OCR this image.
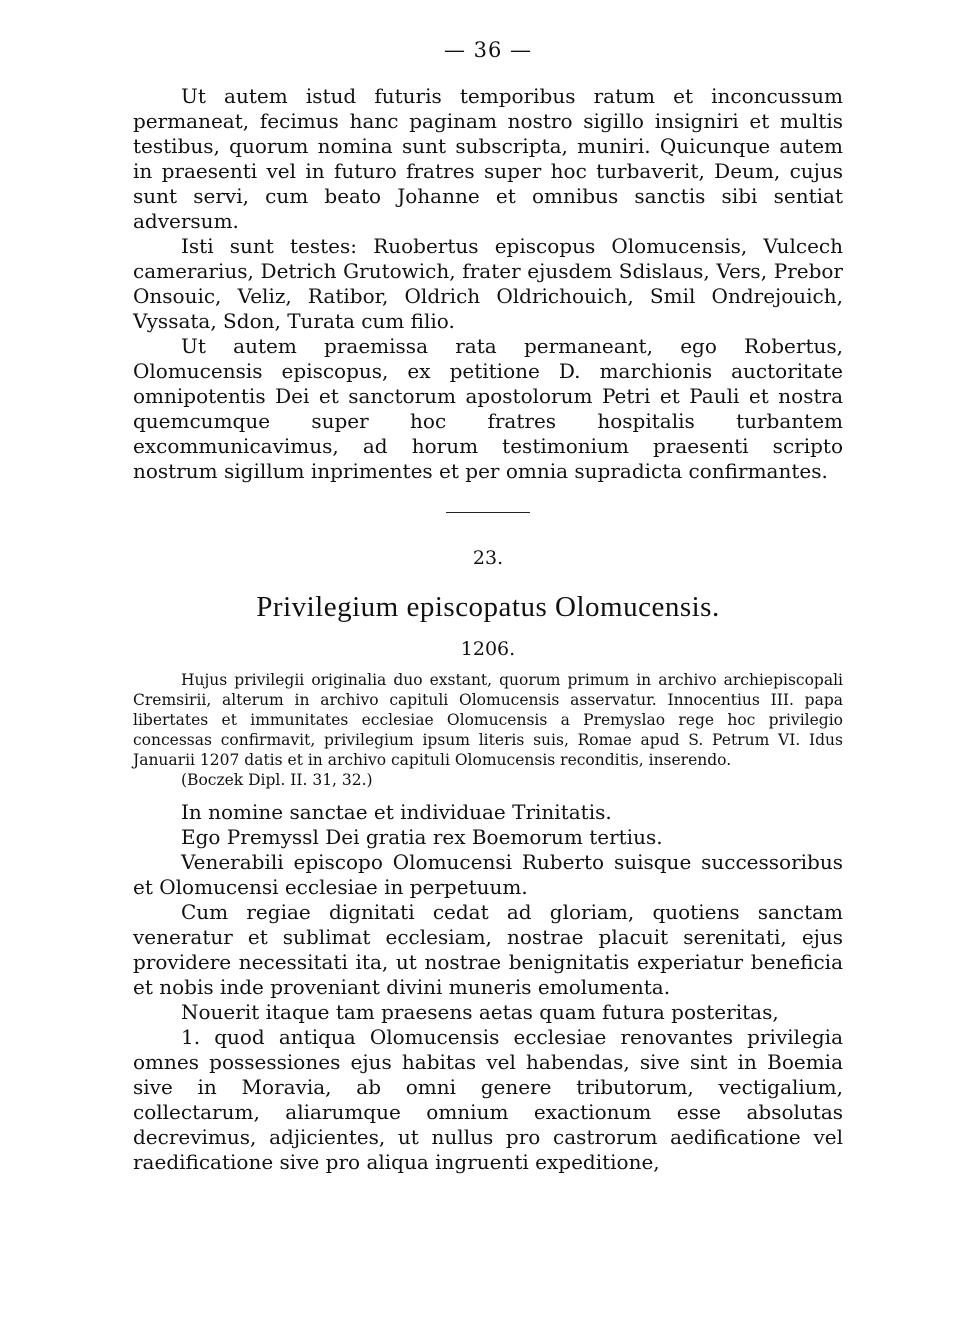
— 36 —

Ut autem istud futuris temporibus ratum et inconcussum permaneat, fecimus hanc paginam nostro sigillo insigniri et multis testibus, quorum nomina sunt subscripta, muniri. Quicunque autem in praesenti vel in futuro fratres super hoc turbaverit, Deum, cujus sunt servi, cum beato Johanne et omnibus sanctis sibi sentiat adversum.

Isti sunt testes: Ruobertus episcopus Olomucensis, Vulcech camerarius, Detrich Grutowich, frater ejusdem Sdislaus, Vers, Prebor Onsouic, Veliz, Ratibor, Oldrich Oldrichouich, Smil Ondrejouich, Vyssata, Sdon, Turata cum filio.

Ut autem praemissa rata permaneant, ego Robertus, Olomucensis episcopus, ex petitione D. marchionis auctoritate omnipotentis Dei et sanctorum apostolorum Petri et Pauli et nostra quemcumque super hoc fratres hospitalis turbantem excommunicavimus, ad horum testimonium praesenti scripto nostrum sigillum inprimentes et per omnia supradicta confirmantes.

23.
Privilegium episcopatus Olomucensis.
1206.

Hujus privilegii originalia duo exstant, quorum primum in archivo archiepiscopali Cremsirii, alterum in archivo capituli Olomucensis asservatur. Innocentius III. papa libertates et immunitates ecclesiae Olomucensis a Premyslao rege hoc privilegio concessas confirmavit, privilegium ipsum literis suis, Romae apud S. Petrum VI. Idus Januarii 1207 datis et in archivo capituli Olomucensis reconditis, inserendo.

(Boczek Dipl. II. 31, 32.)

In nomine sanctae et individuae Trinitatis.

Ego Premyssl Dei gratia rex Boemorum tertius.

Venerabili episcopo Olomucensi Ruberto suisque successoribus et Olomucensi ecclesiae in perpetuum.

Cum regiae dignitati cedat ad gloriam, quotiens sanctam veneratur et sublimat ecclesiam, nostrae placuit serenitati, ejus providere necessitati ita, ut nostrae benignitatis experiatur beneficia et nobis inde proveniant divini muneris emolumenta.

Nouerit itaque tam praesens aetas quam futura posteritas,

1. quod antiqua Olomucensis ecclesiae renovantes privilegia omnes possessiones ejus habitas vel habendas, sive sint in Boemia sive in Moravia, ab omni genere tributorum, vectigalium, collectarum, aliarumque omnium exactionum esse absolutas decrevimus, adjicientes, ut nullus pro castrorum aedificatione vel raedificatione sive pro aliqua ingruenti expeditione,
